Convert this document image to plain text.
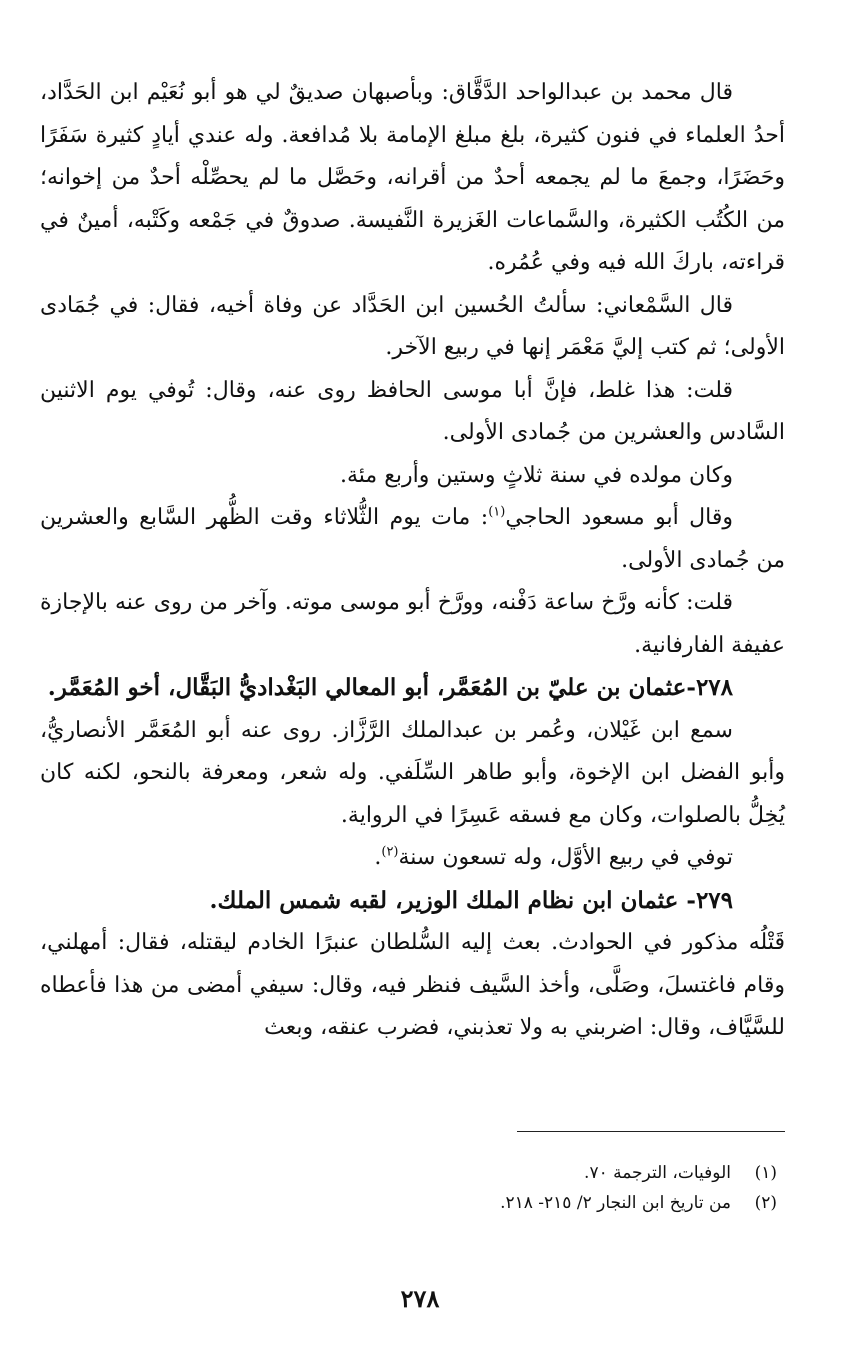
قال محمد بن عبدالواحد الدَّقَّاق: وبأصبهان صديقٌ لي هو أبو نُعَيْم ابن الحَدَّاد، أحدُ العلماء في فنون كثيرة، بلغ مبلغ الإمامة بلا مُدافعة. وله عندي أيادٍ كثيرة سَفَرًا وحَضَرًا، وجمعَ ما لم يجمعه أحدٌ من أقرانه، وحَصَّل ما لم يحصِّلْه أحدٌ من إخوانه؛ من الكُتُب الكثيرة، والسَّماعات الغَزيرة النَّفيسة. صدوقٌ في جَمْعه وكَتْبه، أمينٌ في قراءته، باركَ الله فيه وفي عُمُره.

قال السَّمْعاني: سألتُ الحُسين ابن الحَدَّاد عن وفاة أخيه، فقال: في جُمَادى الأولى؛ ثم كتب إليَّ مَعْمَر إنها في ربيع الآخر.

قلت: هذا غلط، فإنَّ أبا موسى الحافظ روى عنه، وقال: تُوفي يوم الاثنين السَّادس والعشرين من جُمادى الأولى.

وكان مولده في سنة ثلاثٍ وستين وأربع مئة.

وقال أبو مسعود الحاجي$^{(١)}$: مات يوم الثُّلاثاء وقت الظُّهر السَّابع والعشرين من جُمادى الأولى.

قلت: كأنه ورَّخ ساعة دَفْنه، وورَّخ أبو موسى موته. وآخر من روى عنه بالإجازة عفيفة الفارفانية.

٢٧٨-عثمان بن عليّ بن المُعَمَّر، أبو المعالي البَغْداديُّ البَقَّال، أخو المُعَمَّر.

سمع ابن غَيْلان، وعُمر بن عبدالملك الرَّزَّاز. روى عنه أبو المُعَمَّر الأنصاريُّ، وأبو الفضل ابن الإخوة، وأبو طاهر السِّلَفي. وله شعر، ومعرفة بالنحو، لكنه كان يُخِلُّ بالصلوات، وكان مع فسقه عَسِرًا في الرواية.

توفي في ربيع الأوَّل، وله تسعون سنة$^{(٢)}$.

٢٧٩- عثمان ابن نظام الملك الوزير، لقبه شمس الملك.

قَتْلُه مذكور في الحوادث. بعث إليه السُّلطان عنبرًا الخادم ليقتله، فقال: أمهلني، وقام فاغتسلَ، وصَلَّى، وأخذ السَّيف فنظر فيه، وقال: سيفي أمضى من هذا فأعطاه للسَّيَّاف، وقال: اضربني به ولا تعذبني، فضرب عنقه، وبعث

(١)الوفيات، الترجمة ٧٠.

(٢)من تاريخ ابن النجار ٢/ ٢١٥- ٢١٨.

٢٧٨
